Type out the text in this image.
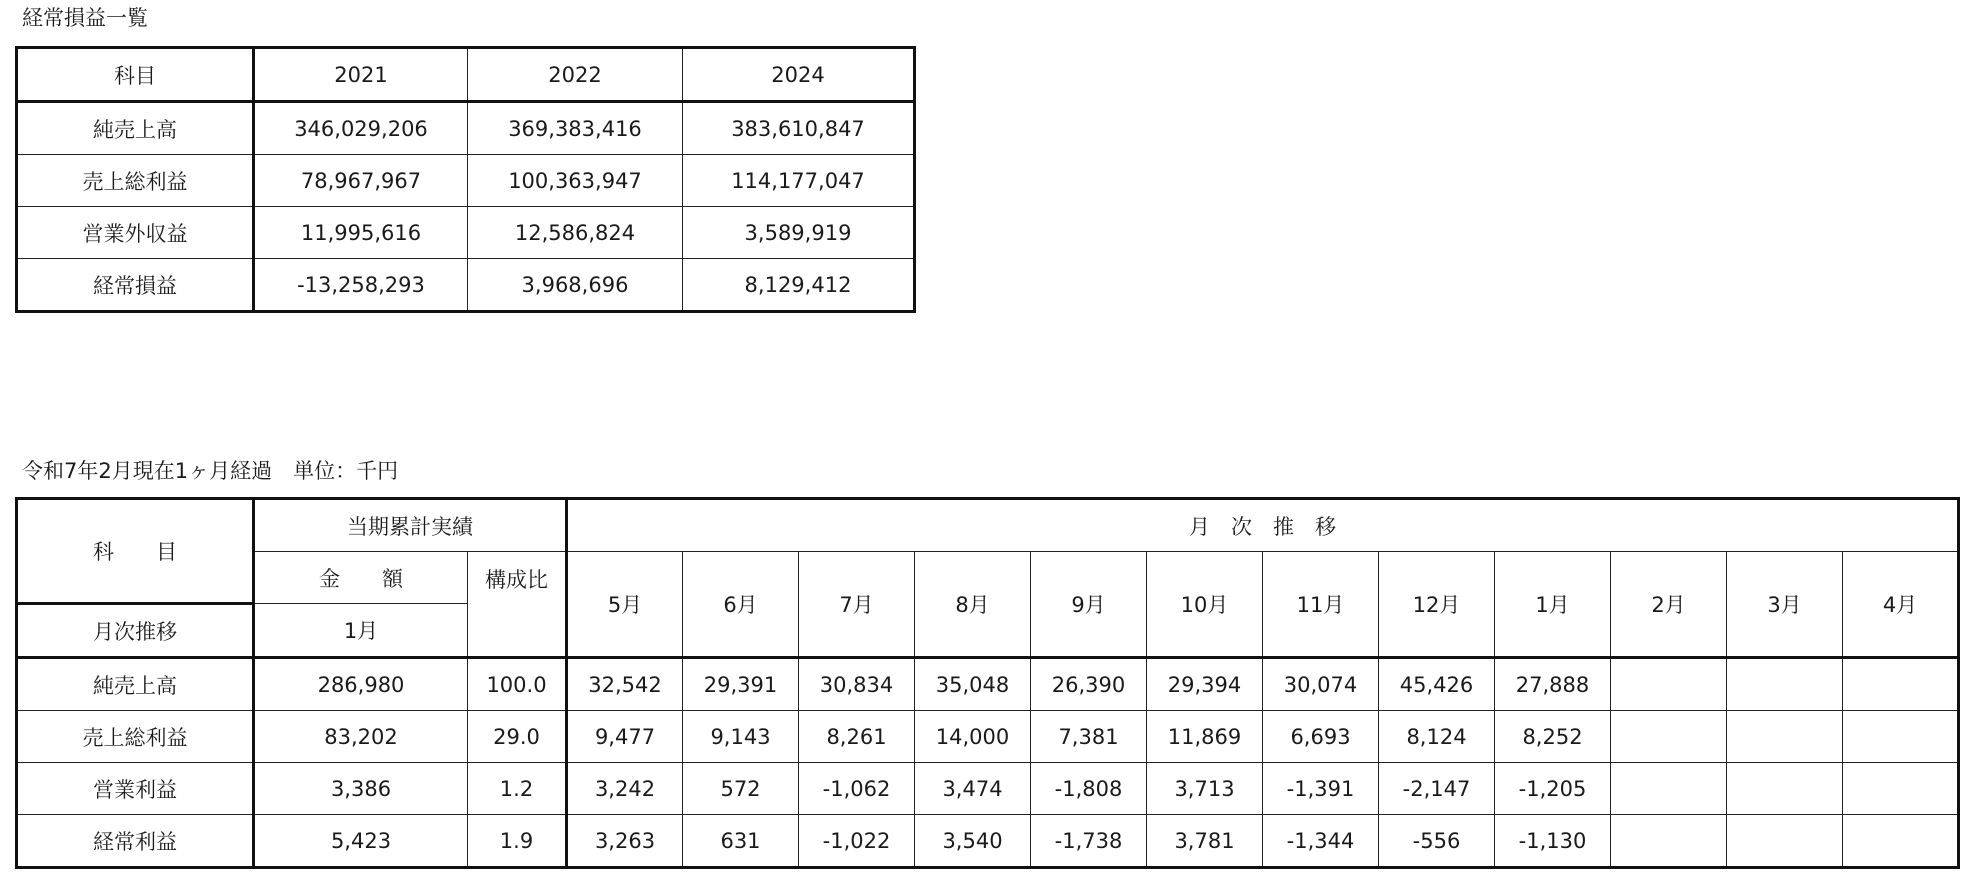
経常損益一覧
科目	2021	2022	2024
純売上高	346,029,206	369,383,416	383,610,847
売上総利益	78,967,967	100,363,947	114,177,047
営業外収益	11,995,616	12,586,824	3,589,919
経常損益	-13,258,293	3,968,696	8,129,412
令和7年2月現在1ヶ月経過　単位：千円
科　　目	当期累計実績		月　次　推　移											
	金　　額	構成比	5月	6月	7月	8月	9月	10月	11月	12月	1月	2月	3月	4月
月次推移	1月													
純売上高	286,980	100.0	32,542	29,391	30,834	35,048	26,390	29,394	30,074	45,426	27,888			
売上総利益	83,202	29.0	9,477	9,143	8,261	14,000	7,381	11,869	6,693	8,124	8,252			
営業利益	3,386	1.2	3,242	572	-1,062	3,474	-1,808	3,713	-1,391	-2,147	-1,205			
経常利益	5,423	1.9	3,263	631	-1,022	3,540	-1,738	3,781	-1,344	-556	-1,130			
